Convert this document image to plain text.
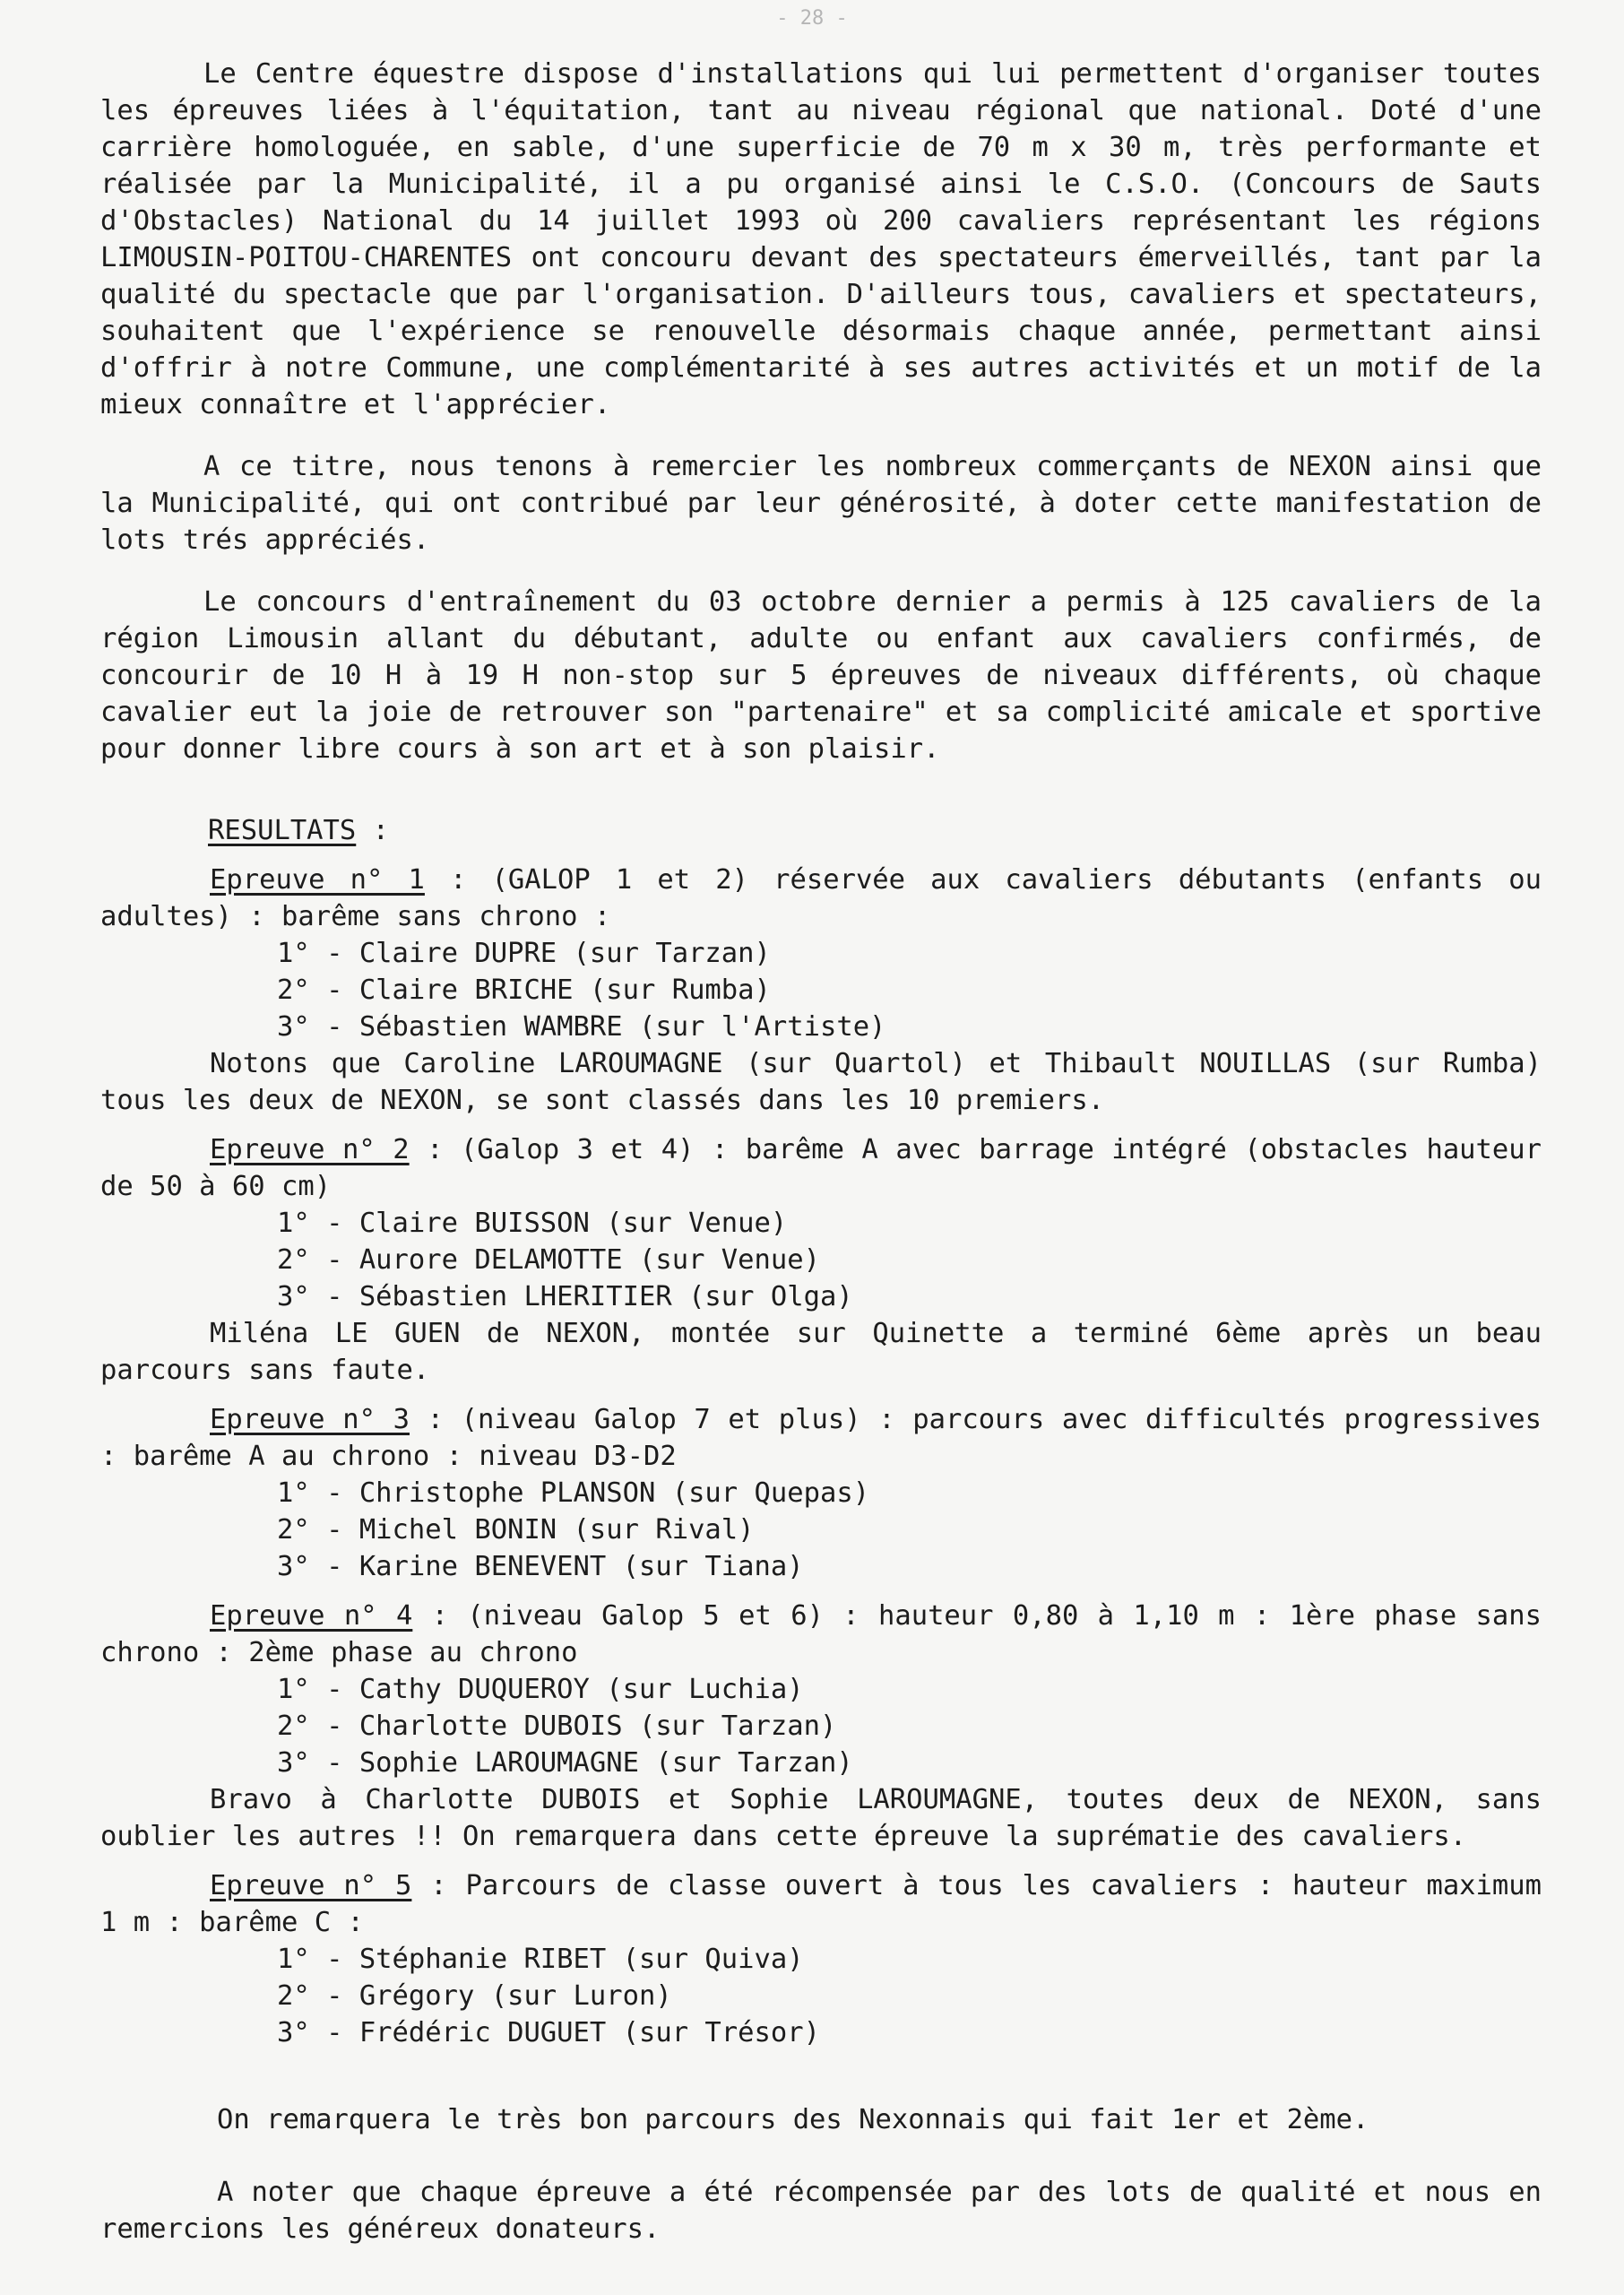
- 28 -

Le Centre équestre dispose d'installations qui lui permettent d'organiser toutes les épreuves liées à l'équitation, tant au niveau régional que national. Doté d'une carrière homologuée, en sable, d'une superficie de 70 m x 30 m, très performante et réalisée par la Municipalité, il a pu organisé ainsi le C.S.O. (Concours de Sauts d'Obstacles) National du 14 juillet 1993 où 200 cavaliers représentant les régions LIMOUSIN-POITOU-CHARENTES ont concouru devant des spectateurs émerveillés, tant par la qualité du spectacle que par l'organisation. D'ailleurs tous, cavaliers et spectateurs, souhaitent que l'expérience se renouvelle désormais chaque année, permettant ainsi d'offrir à notre Commune, une complémentarité à ses autres activités et un motif de la mieux connaître et l'apprécier.

A ce titre, nous tenons à remercier les nombreux commerçants de NEXON ainsi que la Municipalité, qui ont contribué par leur générosité, à doter cette manifestation de lots trés appréciés.

Le concours d'entraînement du 03 octobre dernier a permis à 125 cavaliers de la région Limousin allant du débutant, adulte ou enfant aux cavaliers confirmés, de concourir de 10 H à 19 H non-stop sur 5 épreuves de niveaux différents, où chaque cavalier eut la joie de retrouver son "partenaire" et sa complicité amicale et sportive pour donner libre cours à son art et à son plaisir.

RESULTATS :
Epreuve n° 1 : (GALOP 1 et 2) réservée aux cavaliers débutants (enfants ou adultes) : barême sans chrono :
1° - Claire DUPRE (sur Tarzan)
2° - Claire BRICHE (sur Rumba)
3° - Sébastien WAMBRE (sur l'Artiste)

Notons que Caroline LAROUMAGNE (sur Quartol) et Thibault NOUILLAS (sur Rumba) tous les deux de NEXON, se sont classés dans les 10 premiers.

Epreuve n° 2 : (Galop 3 et 4) : barême A avec barrage intégré (obstacles hauteur de 50 à 60 cm)
1° - Claire BUISSON (sur Venue)
2° - Aurore DELAMOTTE (sur Venue)
3° - Sébastien LHERITIER (sur Olga)

Miléna LE GUEN de NEXON, montée sur Quinette a terminé 6ème après un beau parcours sans faute.

Epreuve n° 3 : (niveau Galop 7 et plus) : parcours avec difficultés progressives : barême A au chrono : niveau D3-D2
1° - Christophe PLANSON (sur Quepas)
2° - Michel BONIN (sur Rival)
3° - Karine BENEVENT (sur Tiana)
Epreuve n° 4 : (niveau Galop 5 et 6) : hauteur 0,80 à 1,10 m : 1ère phase sans chrono : 2ème phase au chrono
1° - Cathy DUQUEROY (sur Luchia)
2° - Charlotte DUBOIS (sur Tarzan)
3° - Sophie LAROUMAGNE (sur Tarzan)

Bravo à Charlotte DUBOIS et Sophie LAROUMAGNE, toutes deux de NEXON, sans oublier les autres !! On remarquera dans cette épreuve la suprématie des cavaliers.

Epreuve n° 5 : Parcours de classe ouvert à tous les cavaliers : hauteur maximum 1 m : barême C :
1° - Stéphanie RIBET (sur Quiva)
2° - Grégory (sur Luron)
3° - Frédéric DUGUET (sur Trésor)

On remarquera le très bon parcours des Nexonnais qui fait 1er et 2ème.

A noter que chaque épreuve a été récompensée par des lots de qualité et nous en remercions les généreux donateurs.
